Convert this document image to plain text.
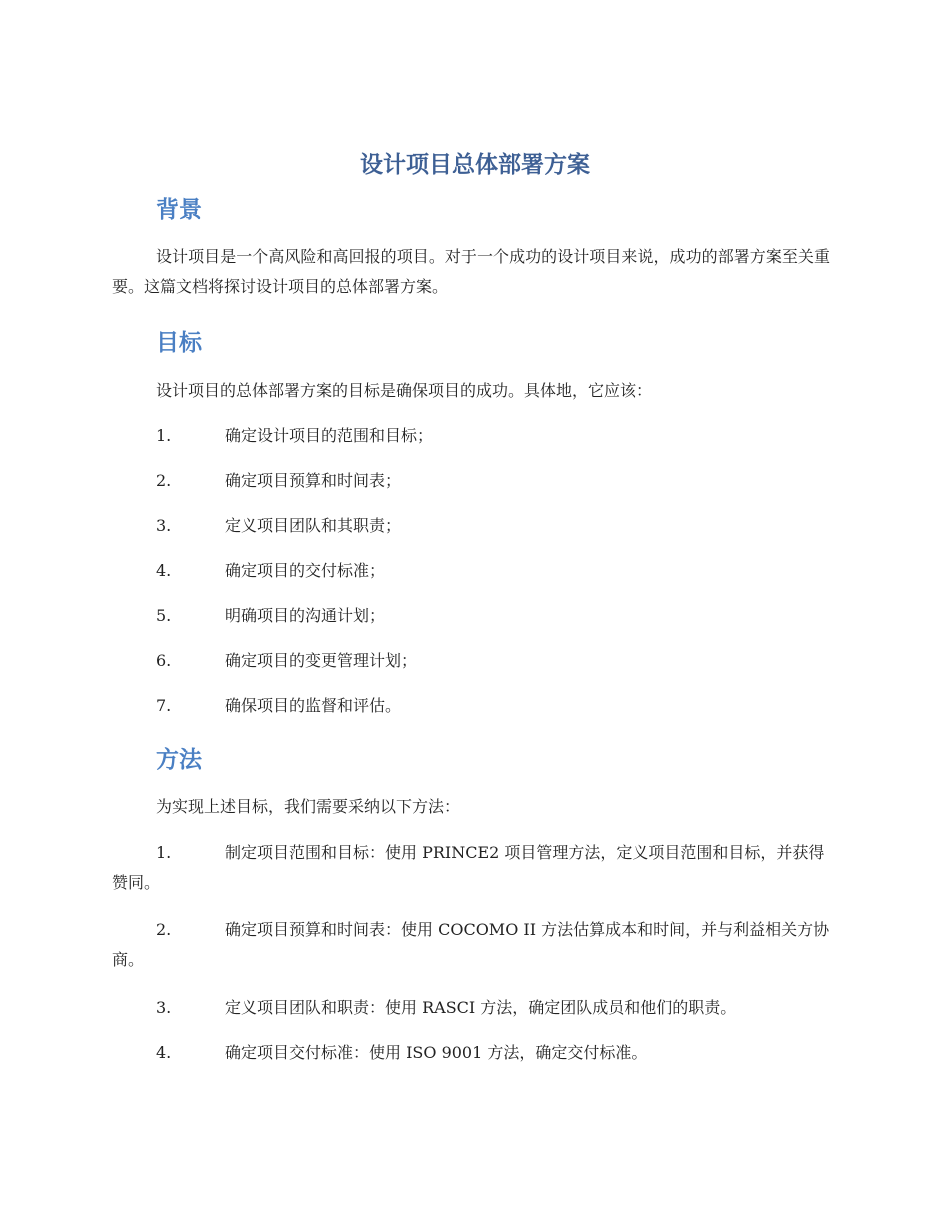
设计项目总体部署方案
背景

设计项目是一个高风险和高回报的项目。对于一个成功的设计项目来说，成功的部署方案至关重要。这篇文档将探讨设计项目的总体部署方案。

目标

设计项目的总体部署方案的目标是确保项目的成功。具体地，它应该：

1.	确定设计项目的范围和目标；

2.	确定项目预算和时间表；

3.	定义项目团队和其职责；

4.	确定项目的交付标准；

5.	明确项目的沟通计划；

6.	确定项目的变更管理计划；

7.	确保项目的监督和评估。

方法

为实现上述目标，我们需要采纳以下方法：

1.	制定项目范围和目标：使用 PRINCE2 项目管理方法，定义项目范围和目标，并获得赞同。

2.	确定项目预算和时间表：使用 COCOMO II 方法估算成本和时间，并与利益相关方协商。

3.	定义项目团队和职责：使用 RASCI 方法，确定团队成员和他们的职责。

4.	确定项目交付标准：使用 ISO 9001 方法，确定交付标准。
